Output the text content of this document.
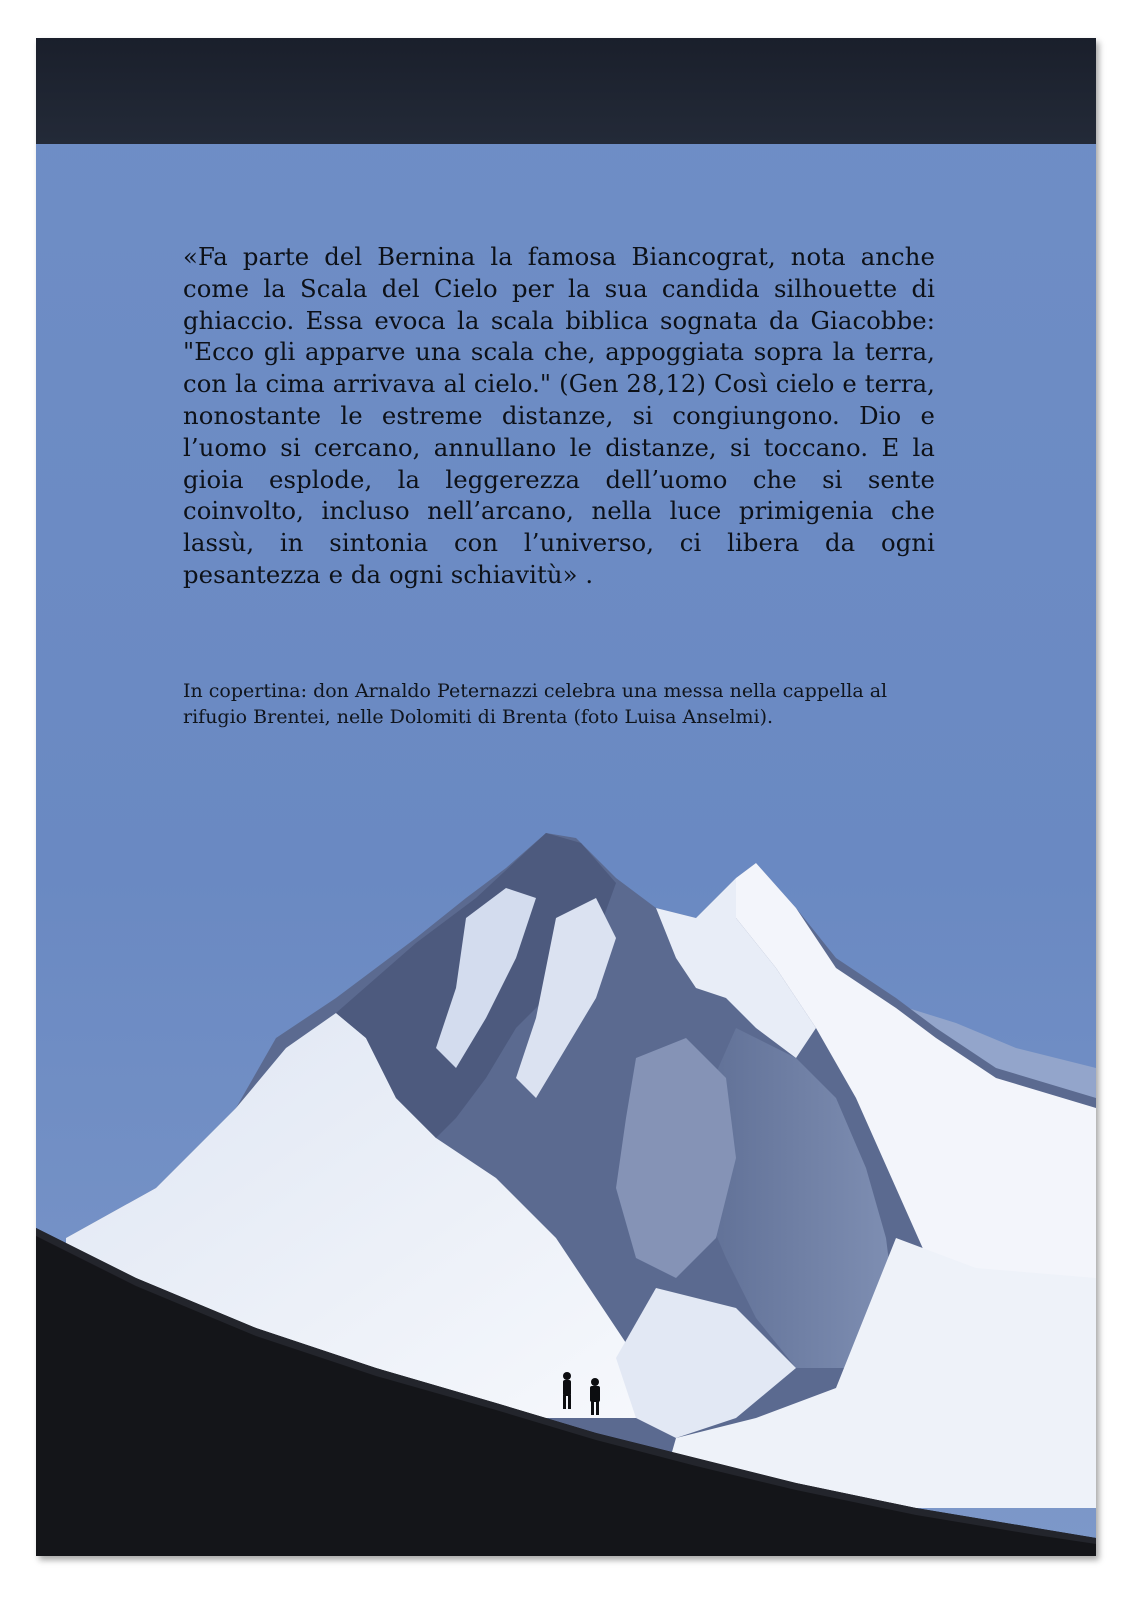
«Fa parte del Bernina la famosa Biancograt, nota anche come la Scala del Cielo per la sua candida silhouette di ghiaccio. Essa evoca la scala biblica sognata da Giacobbe: "Ecco gli apparve una scala che, appoggiata sopra la terra, con la cima arrivava al cielo." (Gen 28,12) Così cielo e terra, nonostante le estreme distanze, si congiungono. Dio e l’uomo si cercano, annullano le distanze, si toccano. E la gioia esplode, la leggerezza dell’uomo che si sente coinvolto, incluso nell’arcano, nella luce primigenia che lassù, in sintonia con l’universo, ci libera da ogni pesantezza e da ogni schiavitù» .
In copertina: don Arnaldo Peternazzi celebra una messa nella cappella al rifugio Brentei, nelle Dolomiti di Brenta (foto Luisa Anselmi).
